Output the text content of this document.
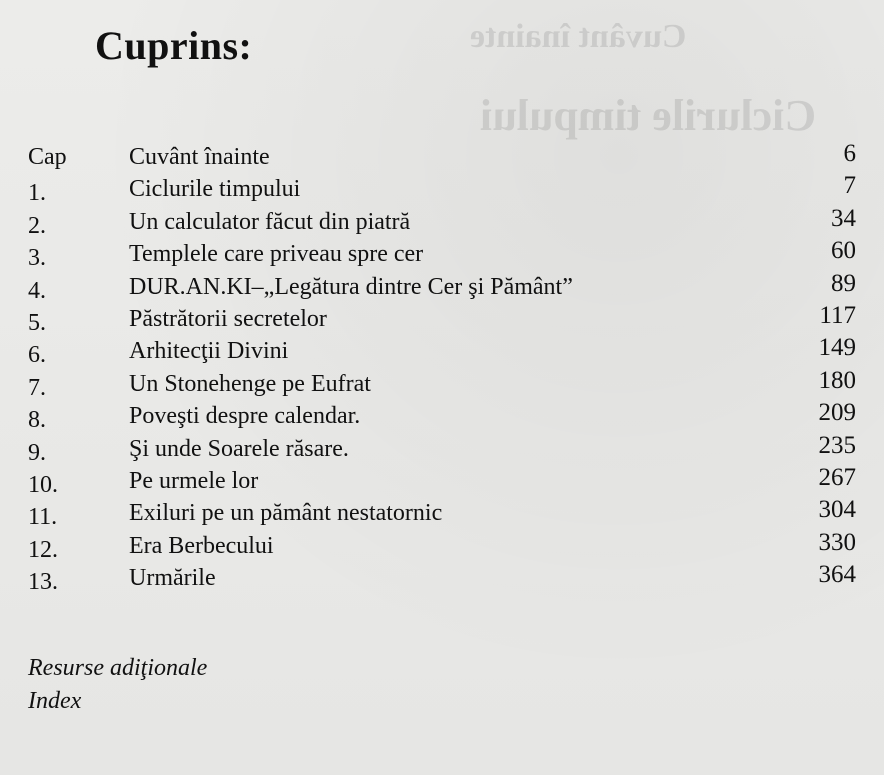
Cuvânt înainte
Ciclurile timpului
Cuprins:
Cap	Cuvânt înainte	6
1.	Ciclurile timpului	7
2.	Un calculator făcut din piatră	34
3.	Templele care priveau spre cer	60
4.	DUR.AN.KI–„Legătura dintre Cer şi Pământ”	89
5.	Păstrătorii secretelor	117
6.	Arhitecţii Divini	149
7.	Un Stonehenge pe Eufrat	180
8.	Poveşti despre calendar.	209
9.	Şi unde Soarele răsare.	235
10.	Pe urmele lor	267
11.	Exiluri pe un pământ nestatornic	304
12.	Era Berbecului	330
13.	Urmările	364
Resurse adiţionale
Index
